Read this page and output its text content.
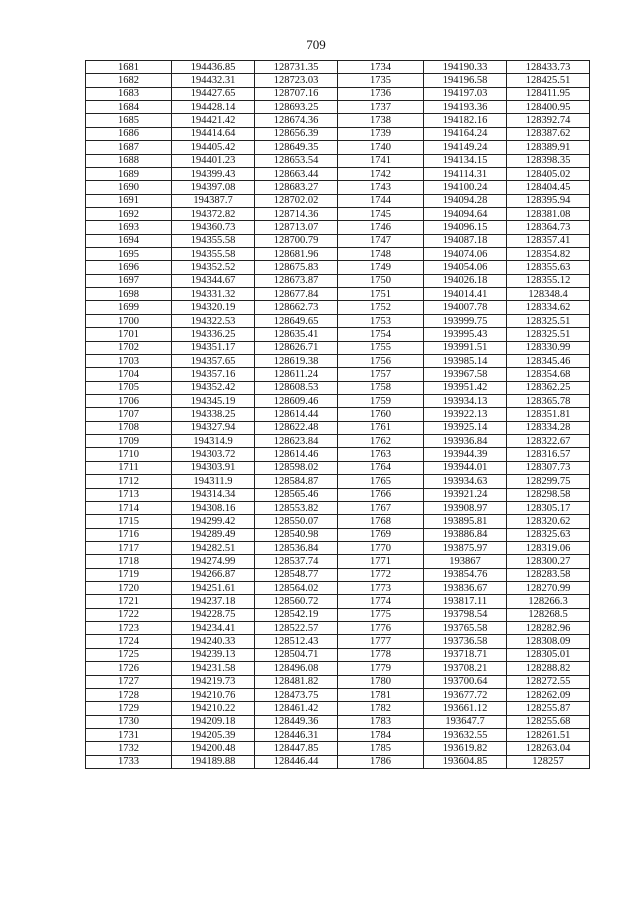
709
1681	194436.85	128731.35	1734	194190.33	128433.73
1682	194432.31	128723.03	1735	194196.58	128425.51
1683	194427.65	128707.16	1736	194197.03	128411.95
1684	194428.14	128693.25	1737	194193.36	128400.95
1685	194421.42	128674.36	1738	194182.16	128392.74
1686	194414.64	128656.39	1739	194164.24	128387.62
1687	194405.42	128649.35	1740	194149.24	128389.91
1688	194401.23	128653.54	1741	194134.15	128398.35
1689	194399.43	128663.44	1742	194114.31	128405.02
1690	194397.08	128683.27	1743	194100.24	128404.45
1691	194387.7	128702.02	1744	194094.28	128395.94
1692	194372.82	128714.36	1745	194094.64	128381.08
1693	194360.73	128713.07	1746	194096.15	128364.73
1694	194355.58	128700.79	1747	194087.18	128357.41
1695	194355.58	128681.96	1748	194074.06	128354.82
1696	194352.52	128675.83	1749	194054.06	128355.63
1697	194344.67	128673.87	1750	194026.18	128355.12
1698	194331.32	128677.84	1751	194014.41	128348.4
1699	194320.19	128662.73	1752	194007.78	128334.62
1700	194322.53	128649.65	1753	193999.75	128325.51
1701	194336.25	128635.41	1754	193995.43	128325.51
1702	194351.17	128626.71	1755	193991.51	128330.99
1703	194357.65	128619.38	1756	193985.14	128345.46
1704	194357.16	128611.24	1757	193967.58	128354.68
1705	194352.42	128608.53	1758	193951.42	128362.25
1706	194345.19	128609.46	1759	193934.13	128365.78
1707	194338.25	128614.44	1760	193922.13	128351.81
1708	194327.94	128622.48	1761	193925.14	128334.28
1709	194314.9	128623.84	1762	193936.84	128322.67
1710	194303.72	128614.46	1763	193944.39	128316.57
1711	194303.91	128598.02	1764	193944.01	128307.73
1712	194311.9	128584.87	1765	193934.63	128299.75
1713	194314.34	128565.46	1766	193921.24	128298.58
1714	194308.16	128553.82	1767	193908.97	128305.17
1715	194299.42	128550.07	1768	193895.81	128320.62
1716	194289.49	128540.98	1769	193886.84	128325.63
1717	194282.51	128536.84	1770	193875.97	128319.06
1718	194274.99	128537.74	1771	193867	128300.27
1719	194266.87	128548.77	1772	193854.76	128283.58
1720	194251.61	128564.02	1773	193836.67	128270.99
1721	194237.18	128560.72	1774	193817.11	128266.3
1722	194228.75	128542.19	1775	193798.54	128268.5
1723	194234.41	128522.57	1776	193765.58	128282.96
1724	194240.33	128512.43	1777	193736.58	128308.09
1725	194239.13	128504.71	1778	193718.71	128305.01
1726	194231.58	128496.08	1779	193708.21	128288.82
1727	194219.73	128481.82	1780	193700.64	128272.55
1728	194210.76	128473.75	1781	193677.72	128262.09
1729	194210.22	128461.42	1782	193661.12	128255.87
1730	194209.18	128449.36	1783	193647.7	128255.68
1731	194205.39	128446.31	1784	193632.55	128261.51
1732	194200.48	128447.85	1785	193619.82	128263.04
1733	194189.88	128446.44	1786	193604.85	128257
